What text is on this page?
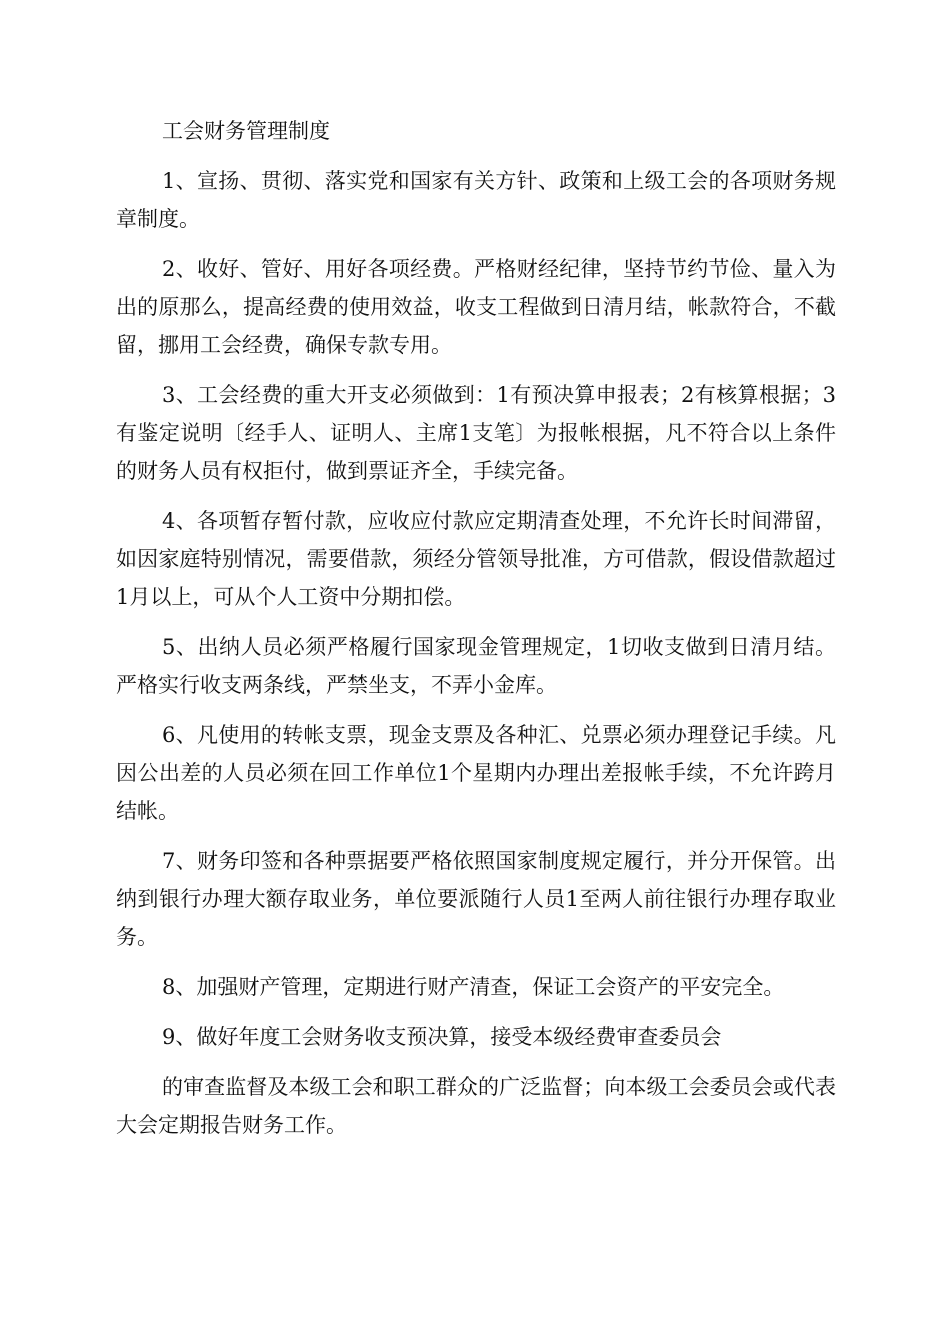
工会财务管理制度

1、宣扬、贯彻、落实党和国家有关方针、政策和上级工会的各项财务规章制度。

2、收好、管好、用好各项经费。严格财经纪律，坚持节约节俭、量入为出的原那么，提高经费的使用效益，收支工程做到日清月结，帐款符合，不截留，挪用工会经费，确保专款专用。

3、工会经费的重大开支必须做到：1有预决算申报表；2有核算根据；3有鉴定说明〔经手人、证明人、主席1支笔〕为报帐根据，凡不符合以上条件的财务人员有权拒付，做到票证齐全，手续完备。

4、各项暂存暂付款，应收应付款应定期清查处理，不允许长时间滞留，如因家庭特别情况，需要借款，须经分管领导批准，方可借款，假设借款超过1月以上，可从个人工资中分期扣偿。

5、出纳人员必须严格履行国家现金管理规定，1切收支做到日清月结。严格实行收支两条线，严禁坐支，不弄小金库。

6、凡使用的转帐支票，现金支票及各种汇、兑票必须办理登记手续。凡因公出差的人员必须在回工作单位1个星期内办理出差报帐手续，不允许跨月结帐。

7、财务印签和各种票据要严格依照国家制度规定履行，并分开保管。出纳到银行办理大额存取业务，单位要派随行人员1至两人前往银行办理存取业务。

8、加强财产管理，定期进行财产清查，保证工会资产的平安完全。

9、做好年度工会财务收支预决算，接受本级经费审查委员会

的审查监督及本级工会和职工群众的广泛监督；向本级工会委员会或代表大会定期报告财务工作。
